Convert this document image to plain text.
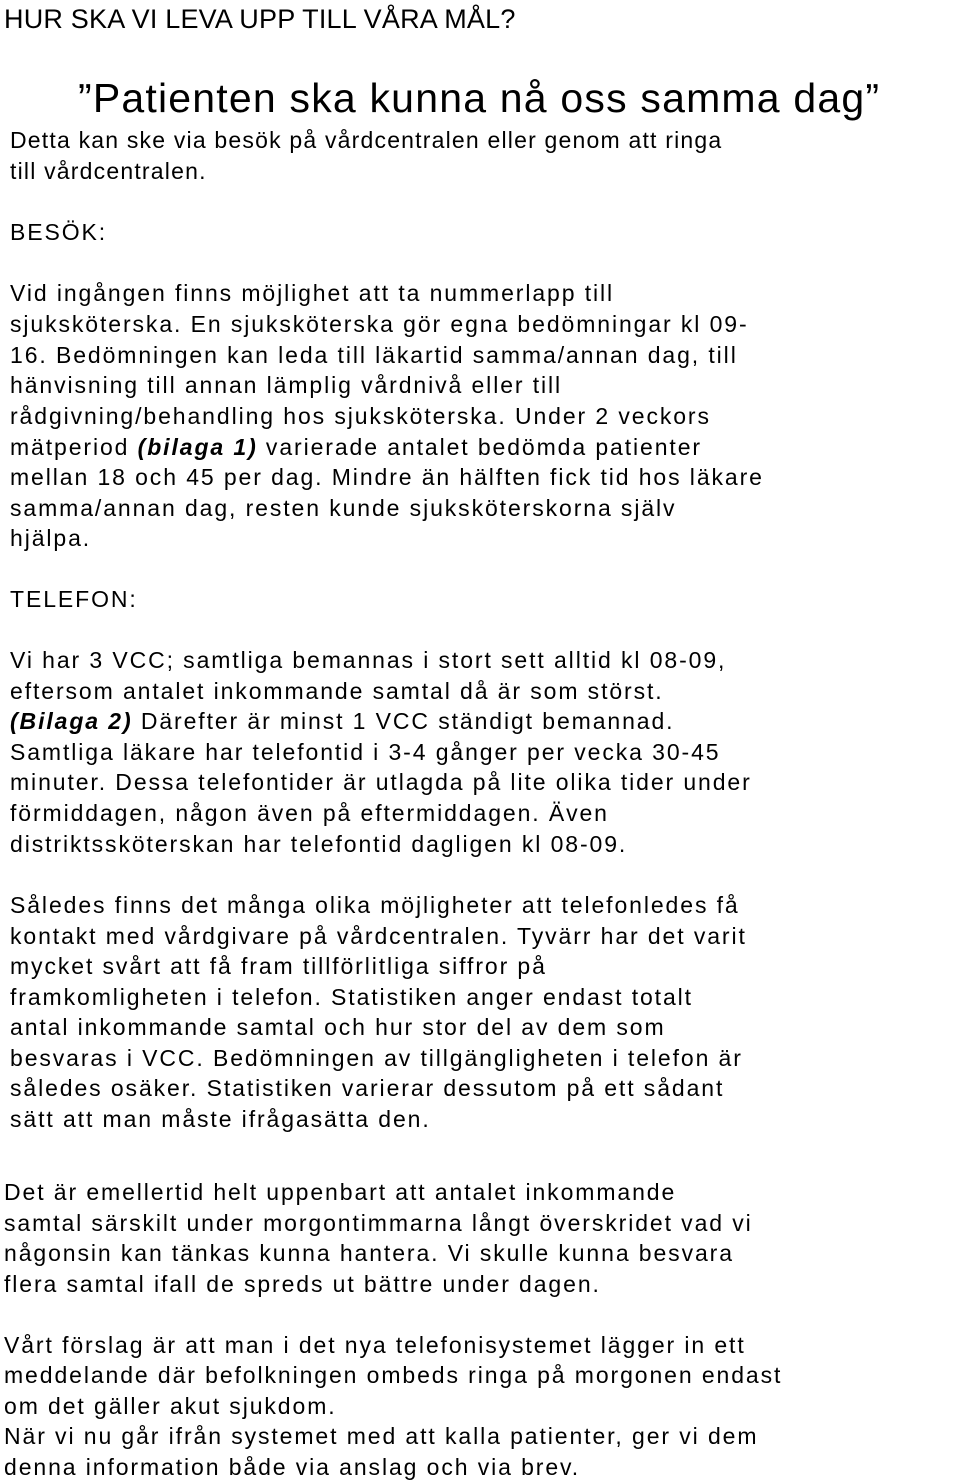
HUR SKA VI LEVA UPP TILL VÅRA MÅL?
”Patienten ska kunna nå oss samma dag”
Detta kan ske via besök på vårdcentralen eller genom att ringa
till vårdcentralen.
BESÖK:
Vid ingången finns möjlighet att ta nummerlapp till
sjuksköterska. En sjuksköterska gör egna bedömningar kl 09-
16. Bedömningen kan leda till läkartid samma/annan dag, till
hänvisning till annan lämplig vårdnivå eller till
rådgivning/behandling hos sjuksköterska. Under 2 veckors
mätperiod (bilaga 1) varierade antalet bedömda patienter
mellan 18 och 45 per dag. Mindre än hälften fick tid hos läkare
samma/annan dag, resten kunde sjuksköterskorna själv
hjälpa.
TELEFON:
Vi har 3 VCC; samtliga bemannas i stort sett alltid kl 08-09,
eftersom antalet inkommande samtal då är som störst.
(Bilaga 2) Därefter är minst 1 VCC ständigt bemannad.
Samtliga läkare har telefontid i 3-4 gånger per vecka 30-45
minuter. Dessa telefontider är utlagda på lite olika tider under
förmiddagen, någon även på eftermiddagen. Även
distriktssköterskan har telefontid dagligen kl 08-09.
Således finns det många olika möjligheter att telefonledes få
kontakt med vårdgivare på vårdcentralen. Tyvärr har det varit
mycket svårt att få fram tillförlitliga siffror på
framkomligheten i telefon. Statistiken anger endast totalt
antal inkommande samtal och hur stor del av dem som
besvaras i VCC. Bedömningen av tillgängligheten i telefon är
således osäker. Statistiken varierar dessutom på ett sådant
sätt att man måste ifrågasätta den.
Det är emellertid helt uppenbart att antalet inkommande
samtal särskilt under morgontimmarna långt överskridet vad vi
någonsin kan tänkas kunna hantera. Vi skulle kunna besvara
flera samtal ifall de spreds ut bättre under dagen.
Vårt förslag är att man i det nya telefonisystemet lägger in ett
meddelande där befolkningen ombeds ringa på morgonen endast
om det gäller akut sjukdom.
När vi nu går ifrån systemet med att kalla patienter, ger vi dem
denna information både via anslag och via brev.
